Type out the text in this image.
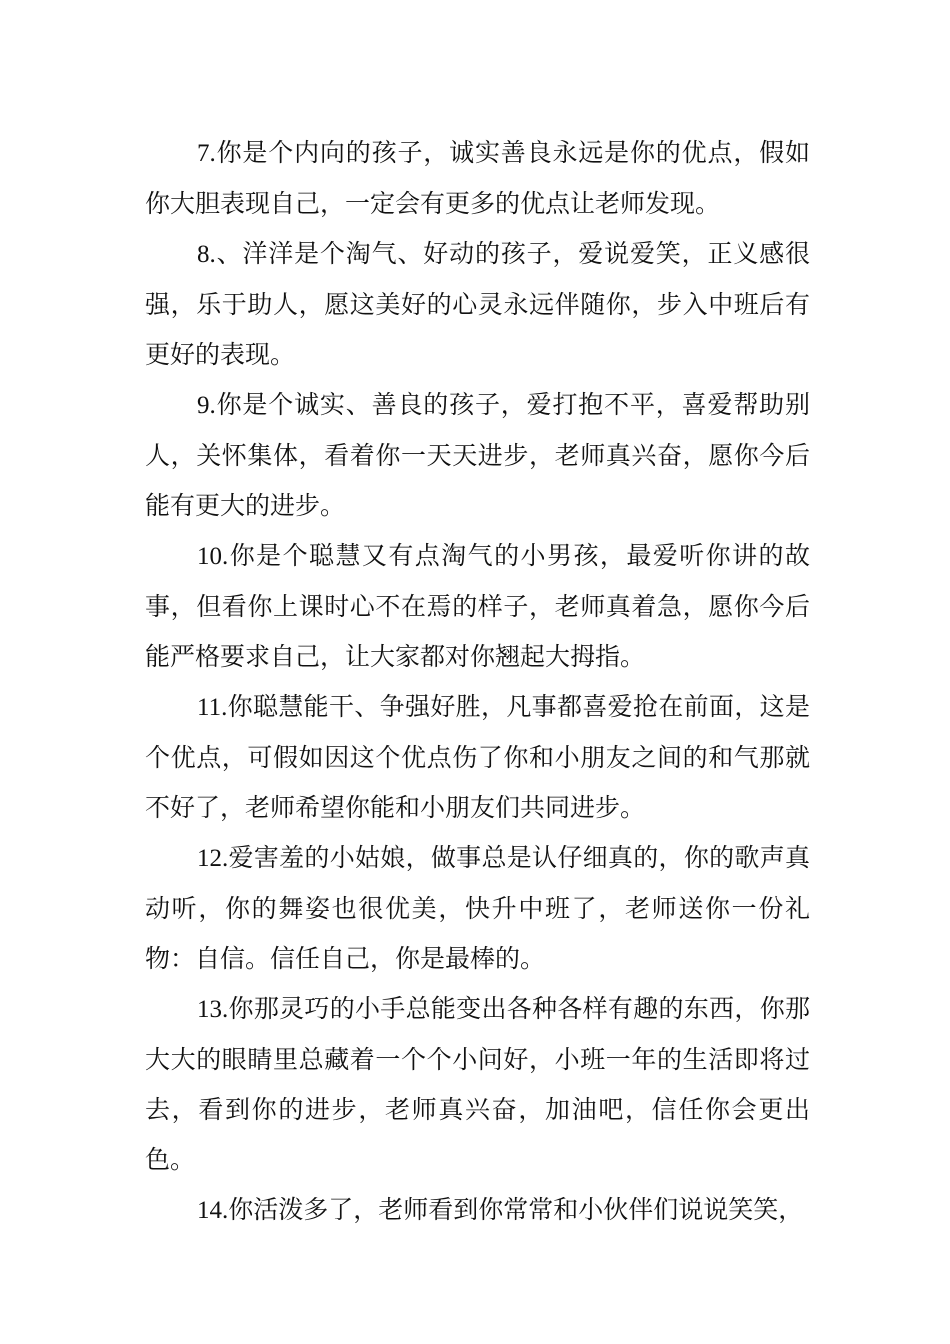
7.你是个内向的孩子，诚实善良永远是你的优点，假如你大胆表现自己，一定会有更多的优点让老师发现。

8.、洋洋是个淘气、好动的孩子，爱说爱笑，正义感很强，乐于助人，愿这美好的心灵永远伴随你，步入中班后有更好的表现。

9.你是个诚实、善良的孩子，爱打抱不平，喜爱帮助别人，关怀集体，看着你一天天进步，老师真兴奋，愿你今后能有更大的进步。

10.你是个聪慧又有点淘气的小男孩，最爱听你讲的故事，但看你上课时心不在焉的样子，老师真着急，愿你今后能严格要求自己，让大家都对你翘起大拇指。

11.你聪慧能干、争强好胜，凡事都喜爱抢在前面，这是个优点，可假如因这个优点伤了你和小朋友之间的和气那就不好了，老师希望你能和小朋友们共同进步。

12.爱害羞的小姑娘，做事总是认仔细真的，你的歌声真动听，你的舞姿也很优美，快升中班了，老师送你一份礼物：自信。信任自己，你是最棒的。

13.你那灵巧的小手总能变出各种各样有趣的东西，你那大大的眼睛里总藏着一个个小问好，小班一年的生活即将过去，看到你的进步，老师真兴奋，加油吧，信任你会更出色。

14.你活泼多了，老师看到你常常和小伙伴们说说笑笑，
